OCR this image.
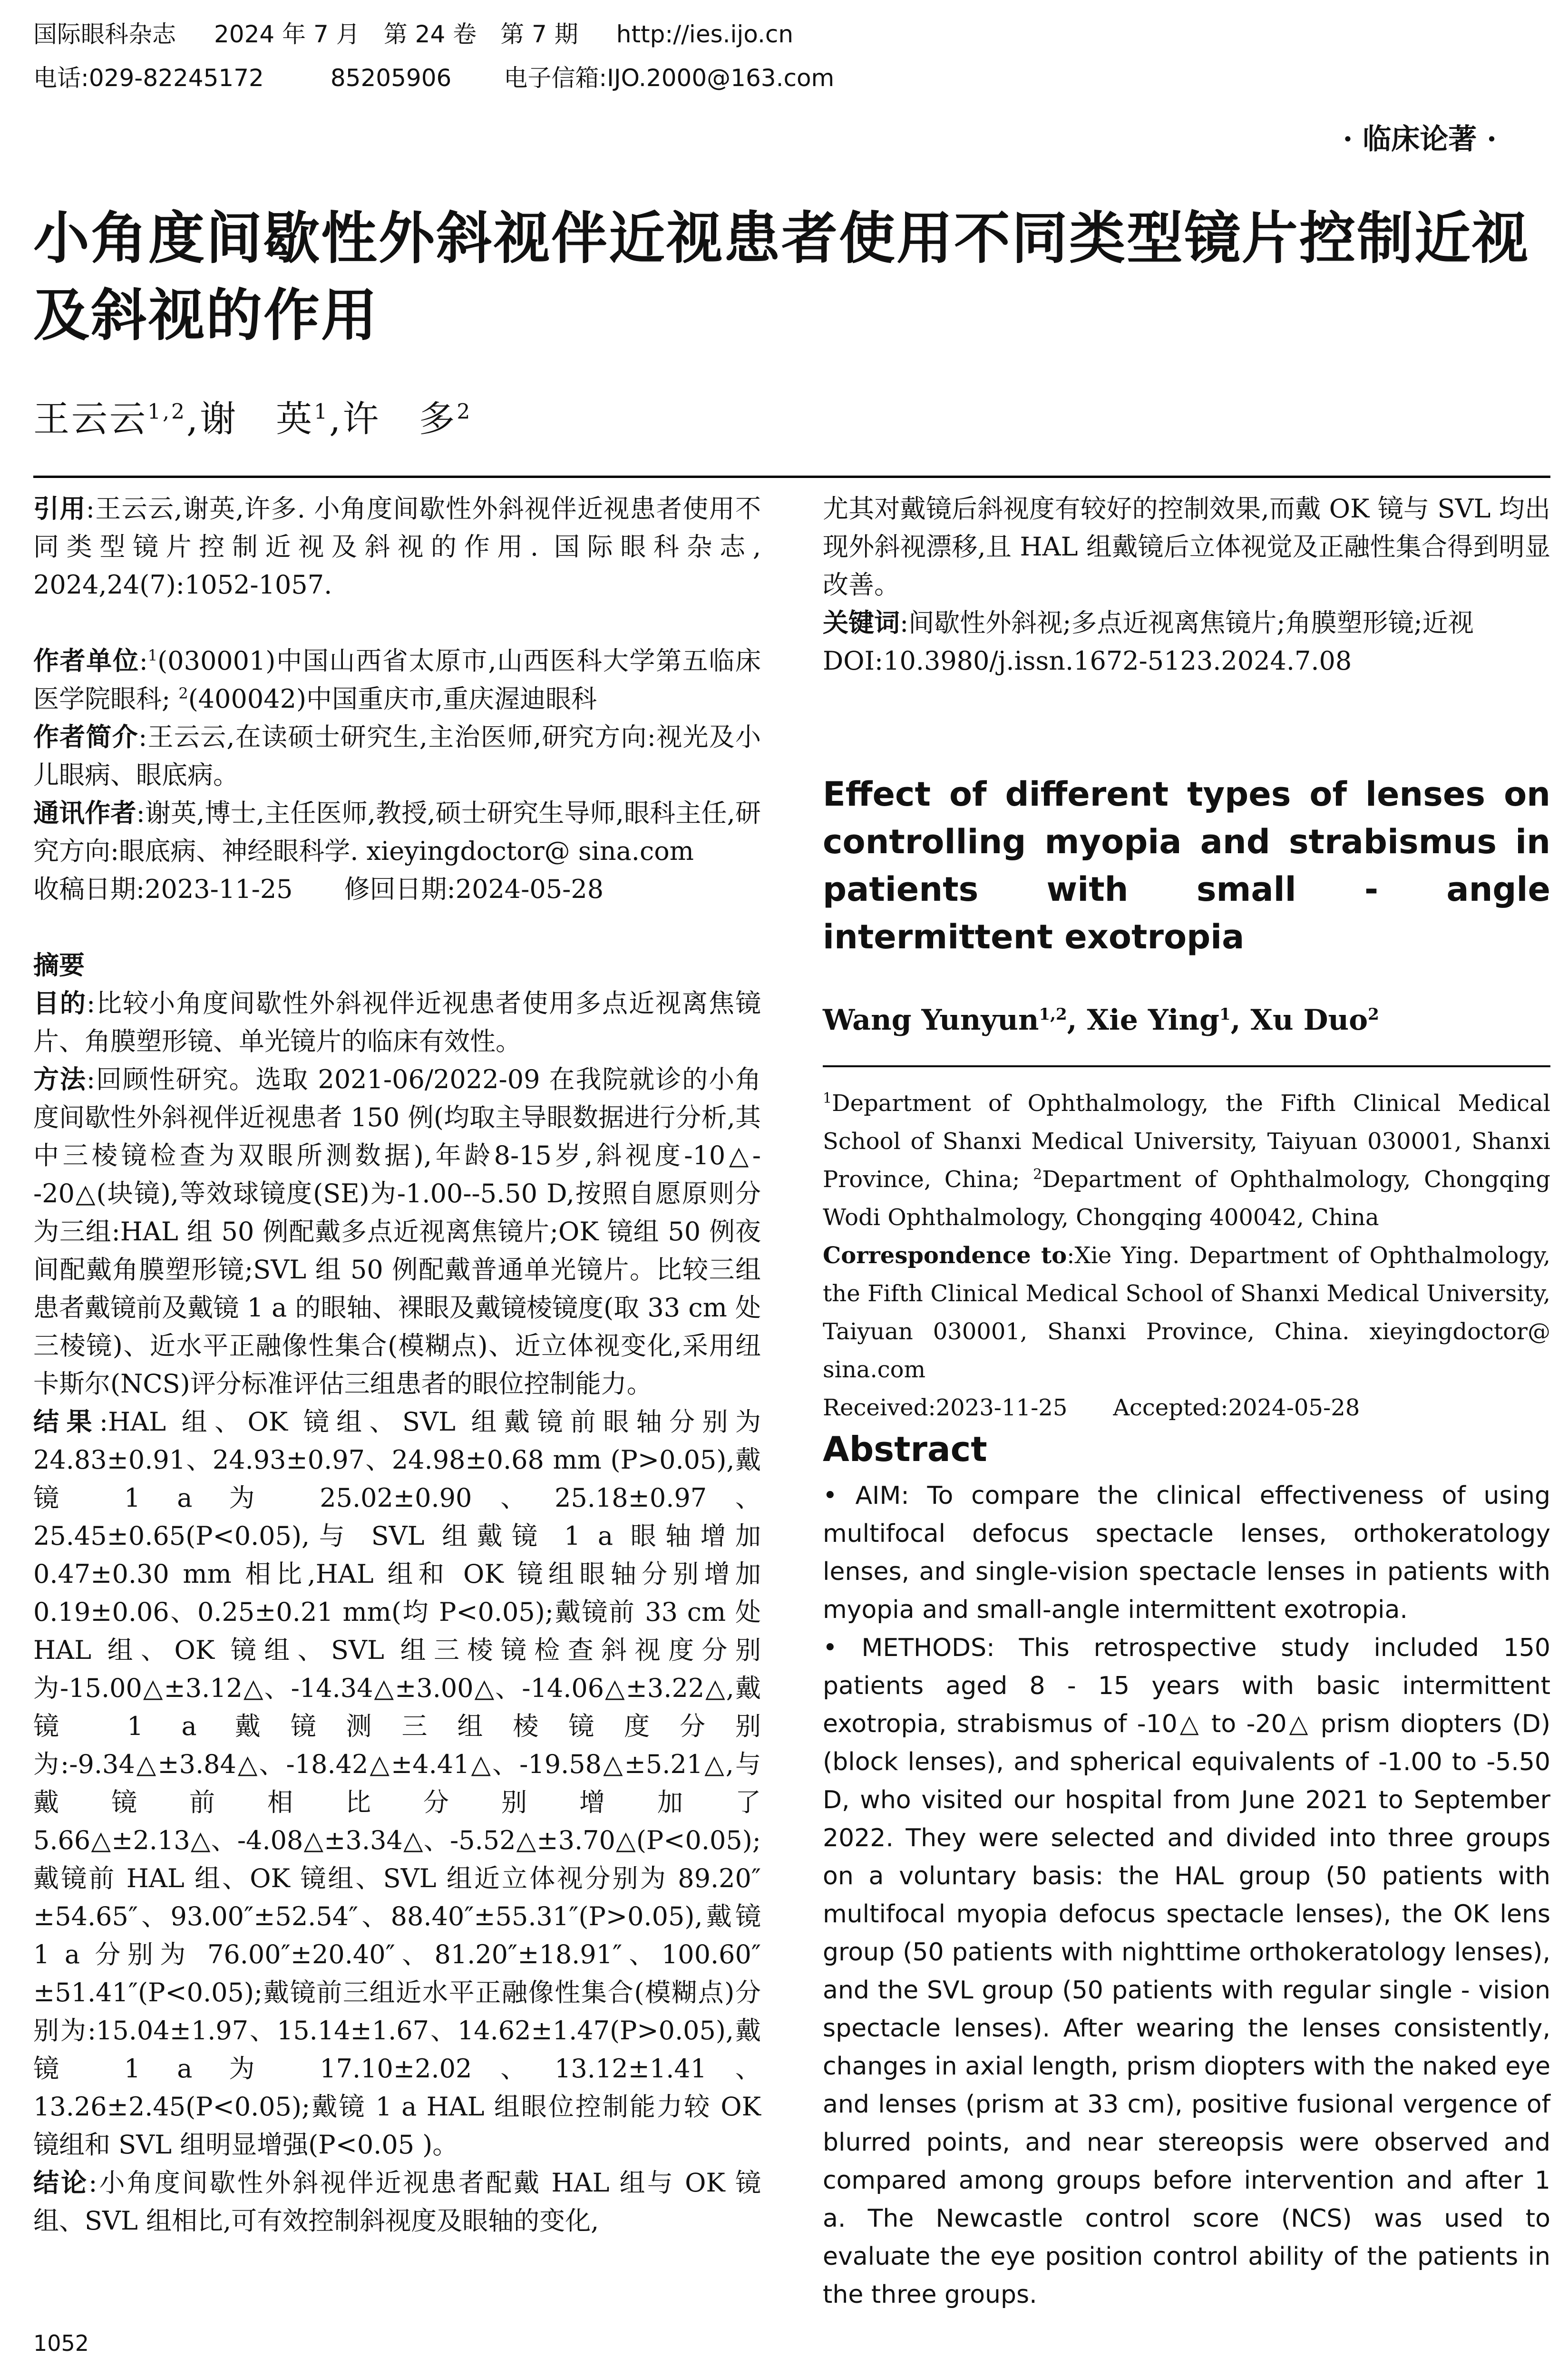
国际眼科杂志 2024 年 7 月　第 24 卷　第 7 期 http://ies.ijo.cn
电话:029-82245172	85205906 电子信箱:IJO.2000@163.com
· 临床论著 ·
小角度间歇性外斜视伴近视患者使用不同类型镜片控制近视及斜视的作用
王云云$^{1,2}$,谢　英$^1$,许　多$^2$

引用:王云云,谢英,许多. 小角度间歇性外斜视伴近视患者使用不同类型镜片控制近视及斜视的作用. 国际眼科杂志, 2024,24(7):1052-1057.

作者单位:$^1$(030001)中国山西省太原市,山西医科大学第五临床医学院眼科; $^2$(400042)中国重庆市,重庆渥迪眼科

作者简介:王云云,在读硕士研究生,主治医师,研究方向:视光及小儿眼病、眼底病。

通讯作者:谢英,博士,主任医师,教授,硕士研究生导师,眼科主任,研究方向:眼底病、神经眼科学. xieyingdoctor@ sina.com

收稿日期:2023-11-25　　修回日期:2024-05-28

摘要

目的:比较小角度间歇性外斜视伴近视患者使用多点近视离焦镜片、角膜塑形镜、单光镜片的临床有效性。

方法:回顾性研究。选取 2021-06/2022-09 在我院就诊的小角度间歇性外斜视伴近视患者 150 例(均取主导眼数据进行分析,其中三棱镜检查为双眼所测数据),年龄8-15岁,斜视度-10△--20△(块镜),等效球镜度(SE)为-1.00--5.50 D,按照自愿原则分为三组:HAL 组 50 例配戴多点近视离焦镜片;OK 镜组 50 例夜间配戴角膜塑形镜;SVL 组 50 例配戴普通单光镜片。比较三组患者戴镜前及戴镜 1 a 的眼轴、裸眼及戴镜棱镜度(取 33 cm 处三棱镜)、近水平正融像性集合(模糊点)、近立体视变化,采用纽卡斯尔(NCS)评分标准评估三组患者的眼位控制能力。

结果:HAL 组、OK 镜组、SVL 组戴镜前眼轴分别为 24.83±0.91、24.93±0.97、24.98±0.68 mm (P>0.05),戴镜 1 a 为 25.02±0.90、25.18±0.97、25.45±0.65(P<0.05),与 SVL 组戴镜 1 a 眼轴增加 0.47±0.30 mm 相比,HAL 组和 OK 镜组眼轴分别增加 0.19±0.06、0.25±0.21 mm(均 P<0.05);戴镜前 33 cm 处 HAL 组、OK 镜组、SVL 组三棱镜检查斜视度分别为-15.00△±3.12△、-14.34△±3.00△、-14.06△±3.22△,戴镜 1 a 戴镜测三组棱镜度分别为:-9.34△±3.84△、-18.42△±4.41△、-19.58△±5.21△,与戴镜前相比分别增加了 5.66△±2.13△、-4.08△±3.34△、-5.52△±3.70△(P<0.05);戴镜前 HAL 组、OK 镜组、SVL 组近立体视分别为 89.20″±54.65″、93.00″±52.54″、88.40″±55.31″(P>0.05),戴镜 1 a 分别为 76.00″±20.40″、81.20″±18.91″、100.60″±51.41″(P<0.05);戴镜前三组近水平正融像性集合(模糊点)分别为:15.04±1.97、15.14±1.67、14.62±1.47(P>0.05),戴镜 1 a 为 17.10±2.02、13.12±1.41、13.26±2.45(P<0.05);戴镜 1 a HAL 组眼位控制能力较 OK 镜组和 SVL 组明显增强(P<0.05 )。

结论:小角度间歇性外斜视伴近视患者配戴 HAL 组与 OK 镜组、SVL 组相比,可有效控制斜视度及眼轴的变化,

尤其对戴镜后斜视度有较好的控制效果,而戴 OK 镜与 SVL 均出现外斜视漂移,且 HAL 组戴镜后立体视觉及正融性集合得到明显改善。

关键词:间歇性外斜视;多点近视离焦镜片;角膜塑形镜;近视

DOI:10.3980/j.issn.1672-5123.2024.7.08

Effect of different types of lenses on controlling myopia and strabismus in patients with small - angle intermittent exotropia
Wang Yunyun$^{1,2}$, Xie Ying$^1$, Xu Duo$^2$

$^1$Department of Ophthalmology, the Fifth Clinical Medical School of Shanxi Medical University, Taiyuan 030001, Shanxi Province, China; $^2$Department of Ophthalmology, Chongqing Wodi Ophthalmology, Chongqing 400042, China

Correspondence to:Xie Ying. Department of Ophthalmology, the Fifth Clinical Medical School of Shanxi Medical University, Taiyuan 030001, Shanxi Province, China. xieyingdoctor@ sina.com

Received:2023-11-25　　Accepted:2024-05-28

Abstract

• AIM: To compare the clinical effectiveness of using multifocal defocus spectacle lenses, orthokeratology lenses, and single-vision spectacle lenses in patients with myopia and small-angle intermittent exotropia.

• METHODS: This retrospective study included 150 patients aged 8 - 15 years with basic intermittent exotropia, strabismus of -10△ to -20△ prism diopters (D) (block lenses), and spherical equivalents of -1.00 to -5.50 D, who visited our hospital from June 2021 to September 2022. They were selected and divided into three groups on a voluntary basis: the HAL group (50 patients with multifocal myopia defocus spectacle lenses), the OK lens group (50 patients with nighttime orthokeratology lenses), and the SVL group (50 patients with regular single - vision spectacle lenses). After wearing the lenses consistently, changes in axial length, prism diopters with the naked eye and lenses (prism at 33 cm), positive fusional vergence of blurred points, and near stereopsis were observed and compared among groups before intervention and after 1 a. The Newcastle control score (NCS) was used to evaluate the eye position control ability of the patients in the three groups.

1052
